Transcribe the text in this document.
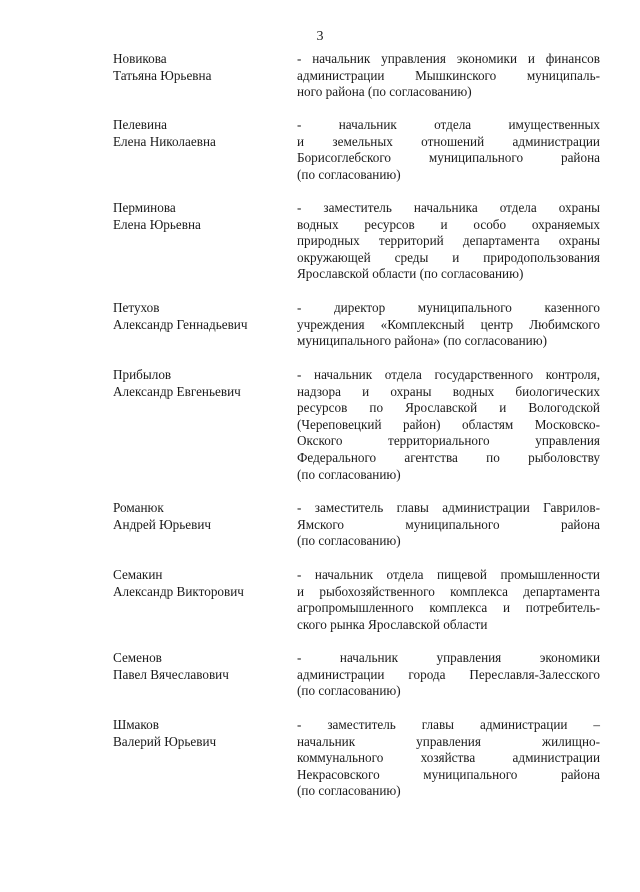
3
Новикова
Татьяна Юрьевна
- начальник управления экономики и финансов
администрации Мышкинского муниципаль-
ного района (по согласованию)
Пелевина
Елена Николаевна
- начальник отдела имущественных
и земельных отношений администрации
Борисоглебского муниципального района
(по согласованию)
Перминова
Елена Юрьевна
- заместитель начальника отдела охраны
водных ресурсов и особо охраняемых
природных территорий департамента охраны
окружающей среды и природопользования
Ярославской области (по согласованию)
Петухов
Александр Геннадьевич
- директор муниципального казенного
учреждения «Комплексный центр Любимского
муниципального района» (по согласованию)
Прибылов
Александр Евгеньевич
- начальник отдела государственного контроля,
надзора и охраны водных биологических
ресурсов по Ярославской и Вологодской
(Череповецкий район) областям Московско-
Окского территориального управления
Федерального агентства по рыболовству
(по согласованию)
Романюк
Андрей Юрьевич
- заместитель главы администрации Гаврилов-
Ямского муниципального района
(по согласованию)
Семакин
Александр Викторович
- начальник отдела пищевой промышленности
и рыбохозяйственного комплекса департамента
агропромышленного комплекса и потребитель-
ского рынка Ярославской области
Семенов
Павел Вячеславович
- начальник управления экономики
администрации города Переславля-Залесского
(по согласованию)
Шмаков
Валерий Юрьевич
- заместитель главы администрации –
начальник управления жилищно-
коммунального хозяйства администрации
Некрасовского муниципального района
(по согласованию)
